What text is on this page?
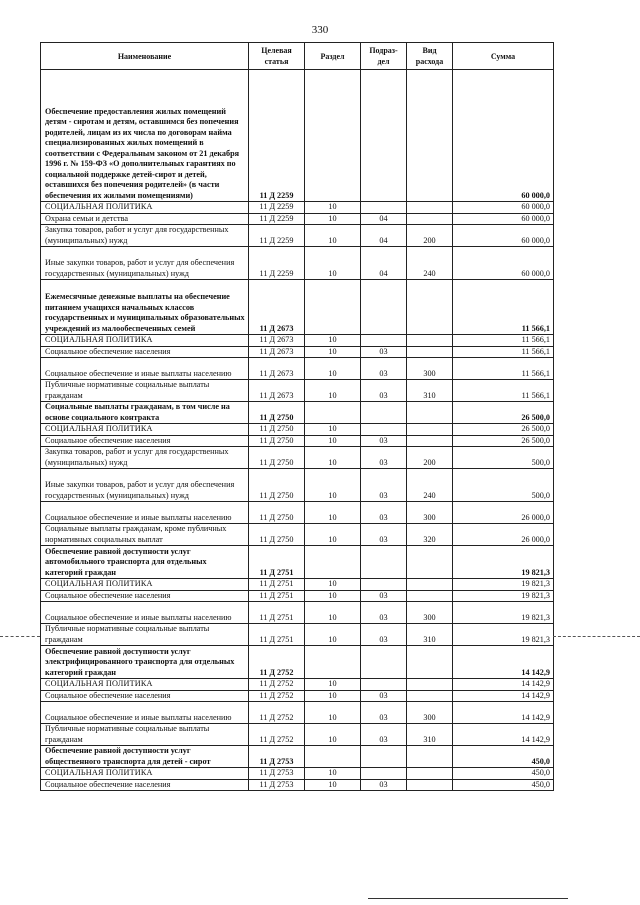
330
Наименование	Целевая статья	Раздел	Подраз- дел	Вид расхода	Сумма
Обеспечение предоставления жилых помещений детям - сиротам и детям, оставшимся без попечения родителей, лицам из их числа по договорам найма специализированных жилых помещений в соответствии с Федеральным законом от 21 декабря 1996 г. № 159-ФЗ «О дополнительных гарантиях по социальной поддержке детей-сирот и детей, оставшихся без попечения родителей» (в части обеспечения их жилыми помещениями)	11 Д 2259				60 000,0
СОЦИАЛЬНАЯ ПОЛИТИКА	11 Д 2259	10			60 000,0
Охрана семьи и детства	11 Д 2259	10	04		60 000,0
Закупка товаров, работ и услуг для государственных (муниципальных) нужд	11 Д 2259	10	04	200	60 000,0
Иные закупки товаров, работ и услуг для обеспечения государственных (муниципальных) нужд	11 Д 2259	10	04	240	60 000,0
Ежемесячные денежные выплаты на обеспечение питанием учащихся начальных классов государственных и муниципальных образовательных учреждений из малообеспеченных семей	11 Д 2673				11 566,1
СОЦИАЛЬНАЯ ПОЛИТИКА	11 Д 2673	10			11 566,1
Социальное обеспечение населения	11 Д 2673	10	03		11 566,1
Социальное обеспечение и иные выплаты населению	11 Д 2673	10	03	300	11 566,1
Публичные нормативные социальные выплаты гражданам	11 Д 2673	10	03	310	11 566,1
Социальные выплаты гражданам, в том числе на основе социального контракта	11 Д 2750				26 500,0
СОЦИАЛЬНАЯ ПОЛИТИКА	11 Д 2750	10			26 500,0
Социальное обеспечение населения	11 Д 2750	10	03		26 500,0
Закупка товаров, работ и услуг для государственных (муниципальных) нужд	11 Д 2750	10	03	200	500,0
Иные закупки товаров, работ и услуг для обеспечения государственных (муниципальных) нужд	11 Д 2750	10	03	240	500,0
Социальное обеспечение и иные выплаты населению	11 Д 2750	10	03	300	26 000,0
Социальные выплаты гражданам, кроме публичных нормативных социальных выплат	11 Д 2750	10	03	320	26 000,0
Обеспечение равной доступности услуг автомобильного транспорта для отдельных категорий граждан	11 Д 2751				19 821,3
СОЦИАЛЬНАЯ ПОЛИТИКА	11 Д 2751	10			19 821,3
Социальное обеспечение населения	11 Д 2751	10	03		19 821,3
Социальное обеспечение и иные выплаты населению	11 Д 2751	10	03	300	19 821,3
Публичные нормативные социальные выплаты гражданам	11 Д 2751	10	03	310	19 821,3
Обеспечение равной доступности услуг электрифицированного транспорта для отдельных категорий граждан	11 Д 2752				14 142,9
СОЦИАЛЬНАЯ ПОЛИТИКА	11 Д 2752	10			14 142,9
Социальное обеспечение населения	11 Д 2752	10	03		14 142,9
Социальное обеспечение и иные выплаты населению	11 Д 2752	10	03	300	14 142,9
Публичные нормативные социальные выплаты гражданам	11 Д 2752	10	03	310	14 142,9
Обеспечение равной доступности услуг общественного транспорта для детей - сирот	11 Д 2753				450,0
СОЦИАЛЬНАЯ ПОЛИТИКА	11 Д 2753	10			450,0
Социальное обеспечение населения	11 Д 2753	10	03		450,0
